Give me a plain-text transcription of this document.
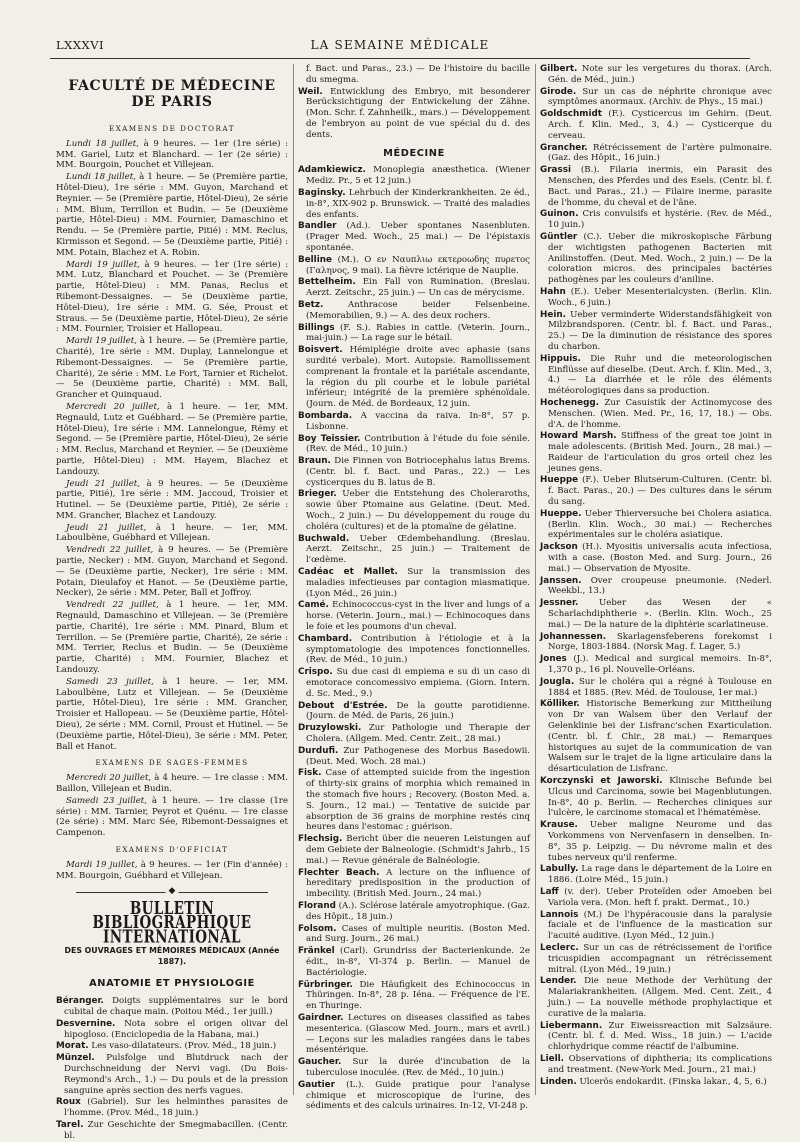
LXXXVI	LA SEMAINE MÉDICALE
FACULTÉ DE MÉDECINE DE PARIS
EXAMENS DE DOCTORAT

Lundi 18 juillet, à 9 heures. — 1er (1re série) : MM. Gariel, Lutz et Blanchard. — 1er (2e série) : MM. Bourgoin, Pouchet et Villejean.

Lundi 18 juillet, à 1 heure. — 5e (Première partie, Hôtel-Dieu), 1re série : MM. Guyon, Marchand et Reynier. — 5e (Première partie, Hôtel-Dieu), 2e série : MM. Blum, Terrillon et Budin. — 5e (Deuxième partie, Hôtel-Dieu) : MM. Fournier, Damaschino et Rendu. — 5e (Première partie, Pitié) : MM. Reclus, Kirmisson et Segond. — 5e (Deuxième partie, Pitié) : MM. Potain, Blachez et A. Robin.

Mardi 19 juillet, à 9 heures. — 1er (1re série) : MM. Lutz, Blanchard et Pouchet. — 3e (Première partie, Hôtel-Dieu) : MM. Panas, Reclus et Ribemont-Dessaignes. — 5e (Deuxième partie, Hôtel-Dieu), 1re série : MM. G. Sée, Proust et Straus. — 5e (Deuxième partie, Hôtel-Dieu), 2e série : MM. Fournier, Troisier et Hallopeau.

Mardi 19 juillet, à 1 heure. — 5e (Première partie, Charité), 1re série : MM. Duplay, Lannelongue et Ribemont-Dessaignes. — 5e (Première partie, Charité), 2e série : MM. Le Fort, Tarnier et Richelot. — 5e (Deuxième partie, Charité) : MM. Ball, Grancher et Quinquaud.

Mercredi 20 juillet, à 1 heure. — 1er, MM. Regnauld, Lutz et Guébhard. — 5e (Première partie, Hôtel-Dieu), 1re série : MM. Lannelongue, Rémy et Segond. — 5e (Première partie, Hôtel-Dieu), 2e série : MM. Reclus, Marchand et Reynier. — 5e (Deuxième partie, Hôtel-Dieu) : MM. Hayem, Blachez et Landouzy.

Jeudi 21 juillet, à 9 heures. — 5e (Deuxième partie, Pitié), 1re série : MM. Jaccoud, Troisier et Hutinel. — 5e (Deuxième partie, Pitié), 2e série : MM. Grancher, Blachez et Landouzy.

Jeudi 21 juillet, à 1 heure. — 1er, MM. Laboulbène, Guébhard et Villejean.

Vendredi 22 juillet, à 9 heures. — 5e (Première partie, Necker) : MM. Guyon, Marchand et Segond. — 5e (Deuxième partie, Necker), 1re série : MM. Potain, Dieulafoy et Hanot. — 5e (Deuxième partie, Necker), 2e série : MM. Peter, Ball et Joffroy.

Vendredi 22 juillet, à 1 heure. — 1er, MM. Regnauld, Damaschino et Villejean. — 3e (Première partie, Charité), 1re série : MM. Pinard, Blum et Terrillon. — 5e (Première partie, Charité), 2e série : MM. Terrier, Reclus et Budin. — 5e (Deuxième partie, Charité) : MM. Fournier, Blachez et Landouzy.

Samedi 23 juillet, à 1 heure. — 1er, MM. Laboulbène, Lutz et Villejean. — 5e (Deuxième partie, Hôtel-Dieu), 1re série : MM. Grancher, Troisier et Hallopeau. — 5e (Deuxième partie, Hôtel-Dieu), 2e série : MM. Cornil, Proust et Hutinel. — 5e (Deuxième partie, Hôtel-Dieu), 3e série : MM. Peter, Ball et Hanot.

EXAMENS DE SAGES-FEMMES

Mercredi 20 juillet, à 4 heure. — 1re classe : MM. Baillon, Villejean et Budin.

Samedi 23 juillet, à 1 heure. — 1re classe (1re série) : MM. Tarnier, Peyrot et Quénu. — 1re classe (2e série) : MM. Marc Sée, Ribemont-Dessaignes et Campenon.

EXAMENS D'OFFICIAT

Mardi 19 juillet, à 9 heures. — 1er (Fin d'année) : MM. Bourgoin, Guébhard et Villejean.

◆
BULLETIN BIBLIOGRAPHIQUE INTERNATIONAL
DES OUVRAGES ET MÉMOIRES MÉDICAUX (Année 1887).
ANATOMIE ET PHYSIOLOGIE

Béranger. Doigts supplémentaires sur le bord cubital de chaque main. (Poitou Méd., 1er juill.)

Desvernine. Nota sobre el origen olivar del hipogloso. (Enciclopedia de la Habana, mai.)

Morat. Les vaso-dilatateurs. (Prov. Méd., 18 juin.)

Münzel. Pulsfolge und Blutdruck nach der Durchschneidung der Nervi vagi. (Du Bois-Reymond's Arch., 1.) — Du pouls et de la pression sanguine après section des nerfs vagues.

Roux (Gabriel). Sur les helminthes parasites de l'homme. (Prov. Méd., 18 juin.)

Tarel. Zur Geschichte der Smegmabacillen. (Centr. bl.

f. Bact. und Paras., 23.) — De l'histoire du bacille du smegma.

Weil. Entwicklung des Embryo, mit besonderer Berücksichtigung der Entwickelung der Zähne. (Mon. Schr. f. Zahnheilk., mars.) — Développement de l'embryon au point de vue spécial du d. des dents.

MÉDECINE

Adamkiewicz. Monoplegia anæsthetica. (Wiener Mediz. Pr., 5 et 12 juin.)

Baginsky. Lehrbuch der Kinderkrankheiten. 2e éd., in-8°, XIX-902 p. Brunswick. — Traité des maladies des enfants.

Bandler (Ad.). Ueber spontanes Nasenbluten. (Prager Med. Woch., 25 mai.) — De l'épistaxis spontanée.

Belline (M.). Ο εν Ναυπλιω εκτεροωδης πυρετος (Γαληνος, 9 mai). La fièvre ictérique de Nauplie.

Bettelheim. Ein Fall von Rumination. (Breslau. Aerzt. Zeitschr., 25 juin.) — Un cas de mérycisme.

Betz. Anthracose beider Felsenbeine. (Memorabilien, 9.) — A. des deux rochers.

Billings (F. S.). Rabies in cattle. (Veterin. Journ., mai-juin.) — La rage sur le bétail.

Boisvert. Hémiplégie droite avec aphasie (sans surdité verbale). Mort. Autopsie. Ramollissement comprenant la frontale et la pariétale ascendante, la région du pli courbe et le lobule pariétal inférieur; intégrité de la première sphénoïdale. (Journ. de Méd. de Bordeaux, 12 juin.

Bombarda. A vaccina da raiva. In-8°, 57 p. Lisbonne.

Boy Teissier. Contribution à l'étude du foie sénile. (Rev. de Méd., 10 juin.)

Braun. Die Finnen von Botriocephalus latus Brems. (Centr. bl. f. Bact. und Paras., 22.) — Les cysticerques du B. latus de B.

Brieger. Ueber die Entstehung des Choleraroths, sowie über Ptomaine aus Gelatine. (Deut. Med. Woch., 2 juin.) — Du développement du rouge du choléra (cultures) et de la ptomaïne de gélatine.

Buchwald. Ueber Œdembehandlung. (Breslau. Aerzt. Zeitschr., 25 juin.) — Traitement de l'œdème.

Cadéac et Mallet. Sur la transmission des maladies infectieuses par contagion miasmatique. (Lyon Méd., 26 juin.)

Camé. Echinococcus-cyst in the liver and lungs of a horse. (Veterin. Journ., mai.) — Echinocoques dans le foie et les poumons d'un cheval.

Chambard. Contribution à l'étiologie et à la symptomatologie des impotences fonctionnelles. (Rev. de Méd., 10 juin.)

Crispo. Su due casi di empiema e su di un caso di emotorace concomessivo empiema. (Giorn. Intern. d. Sc. Med., 9.)

Debout d'Estrée. De la goutte parotidienne. (Journ. de Méd. de Paris, 26 juin.)

Druzylowski. Zur Pathologie und Therapie der Cholera. (Allgem. Med. Centr. Zeit., 28 mai.)

Durdufi. Zur Pathogenese des Morbus Basedowii. (Deut. Med. Woch. 28 mai.)

Fisk. Case of attempted suicide from the ingestion of thirty-six grains of morphia which remained in the stomach five hours ; Recovery. (Boston Med. a. S. Journ., 12 mai.) — Tentative de suicide par absorption de 36 grains de morphine restés cinq heures dans l'estomac ; guérison.

Flechsig. Bericht über die neueren Leistungen auf dem Gebiete der Balneologie. (Schmidt's Jahrb., 15 mai.) — Revue générale de Balnéologie.

Flechter Beach. A lecture on the influence of hereditary predisposition in the production of imbecility. (British Med. Journ., 24 mai.)

Florand (A.). Sclérose latérale amyotrophique. (Gaz. des Hôpit., 18 juin.)

Folsom. Cases of multiple neuritis. (Boston Med. and Surg. Journ., 26 mai.)

Fränkel (Carl). Grundriss der Bacterienkunde. 2e édit., in-8°, VI-374 p. Berlin. — Manuel de Bactériologie.

Fürbringer. Die Häufigkeit des Echinococcus in Thüringen. In-8°, 28 p. Iéna. — Fréquence de l'E. en Thuringe.

Gairdner. Lectures on diseases classified as tabes mesenterica. (Glascow Med. Journ., mars et avril.) — Leçons sur les maladies rangées dans le tabes mésentérique.

Gaucher. Sur la durée d'incubation de la tuberculose inoculée. (Rev. de Méd., 10 juin.)

Gautier (L.). Guide pratique pour l'analyse chimique et microscopique de l'urine, des sédiments et des calculs urinaires. In-12, VI-248 p.

Gilbert. Note sur les vergetures du thorax. (Arch. Gén. de Méd., juin.)

Girode. Sur un cas de néphrite chronique avec symptômes anormaux. (Archiv. de Phys., 15 mai.)

Goldschmidt (F.). Cysticercus im Gehirn. (Deut. Arch. f. Klin. Med., 3, 4.) — Cysticerque du cerveau.

Grancher. Rétrécissement de l'artère pulmonaire. (Gaz. des Hôpit., 16 juin.)

Grassi (B.). Filaria inermis, ein Parasit des Menschen, des Pferdes und des Esels. (Centr. bl. f. Bact. und Paras., 21.) — Filaire inerme, parasite de l'homme, du cheval et de l'âne.

Guinon. Cris convulsifs et hystérie. (Rev. de Méd., 10 juin.)

Güntler (C.). Ueber die mikroskopische Färbung der wichtigsten pathogenen Bacterien mit Anilinstoffen. (Deut. Med. Woch., 2 juin.) — De la coloration micros. des principales bactéries pathogènes par les couleurs d'aniline.

Hahn (E.). Ueber Mesenterialcysten. (Berlin. Klin. Woch., 6 juin.)

Hein. Ueber verminderte Widerstandsfähigkeit von Milzbrandsporen. (Centr. bl. f. Bact. und Paras., 25.) — De la diminution de résistance des spores du charbon.

Hippuis. Die Ruhr und die meteorologischen Einflüsse auf dieselbe. (Deut. Arch. f. Klin. Med., 3, 4.) — La diarrhée et le rôle des éléments météorologiques dans sa production.

Hochenegg. Zur Casuistik der Actinomycose des Menschen. (Wien. Med. Pr., 16, 17, 18.) — Obs. d'A. de l'homme.

Howard Marsh. Stiffness of the great toe joint in male adolescents. (British Med. Journ., 28 mai.) — Raideur de l'articulation du gros orteil chez les jeunes gens.

Hueppe (F.). Ueber Blutserum-Culturen. (Centr. bl. f. Bact. Paras., 20.) — Des cultures dans le sérum du sang.

Hueppe. Ueber Thierversuche bei Cholera asiatica. (Berlin. Klin. Woch., 30 mai.) — Recherches expérimentales sur le choléra asiatique.

Jackson (H.). Myositis universalis acuta infectiosa, with a case. (Boston Med. and Surg. Journ., 26 mai.) — Observation de Myosite.

Janssen. Over croupeuse pneumonie. (Nederl. Weekbl., 13.)

Jessner. Ueber das Wesen der « Scharlachdiphtherie ». (Berlin. Klin. Woch., 25 mai.) — De la nature de la diphtérie scarlatineuse.

Johannessen. Skarlagensfeberens forekomst i Norge, 1803-1884. (Norsk Mag. f. Lager, 5.)

Jones (J.). Medical and surgical memoirs. In-8°, 1,370 p., 16 pl. Nouvelle-Orléans.

Jougla. Sur le choléra qui a régné à Toulouse en 1884 et 1885. (Rev. Méd. de Toulouse, 1er mai.)

Kölliker. Historische Bemerkung zur Mittheilung von Dr van Walsem über den Verlauf der Gelenklinie bei der Lisfranc'schen Exarticulation. (Centr. bl. f. Chir., 28 mai.) — Remarques historiques au sujet de la communication de van Walsem sur le trajet de la ligne articulaire dans la désarticulation de Lisfranc.

Korczynski et Jaworski. Klinische Befunde bei Ulcus und Carcinoma, sowie bei Magenblutungen. In-8°, 40 p. Berlin. — Recherches cliniques sur l'ulcère, le carcinome stomacal et l'hématémèse.

Krause. Ueber maligne Neurome und das Vorkommens von Nervenfasern in denselben. In-8°, 35 p. Leipzig. — Du névrome malin et des tubes nerveux qu'il renferme.

Labully. La rage dans le département de la Loire en 1886. (Loire Méd., 15 juin.)

Laff (v. der). Ueber Proteïden oder Amoeben bei Variola vera. (Mon. heft f. prakt. Dermat., 10.)

Lannois (M.) De l'hypéracousie dans la paralysie faciale et de l'influence de la mastication sur l'acuité auditive. (Lyon Méd., 12 juin.)

Leclerc. Sur un cas de rétrécissement de l'orifice tricuspidien accompagnant un rétrécissement mitral. (Lyon Méd., 19 juin.)

Lender. Die neue Methode der Verhütung der Malariakrankheiten. (Allgem. Med. Cent. Zeit., 4 juin.) — La nouvelle méthode prophylactique et curative de la malaria.

Liebermann. Zur Eiweissreaction mit Salzsäure. (Centr. bl. f. d. Med. Wiss., 18 juin.) — L'acide chlorhydrique comme réactif de l'albumine.

Liell. Observations of diphtheria; its complications and treatment. (New-York Med. Journ., 21 mai.)

Linden. Ulcerös endokardit. (Finska lakar., 4, 5, 6.)
